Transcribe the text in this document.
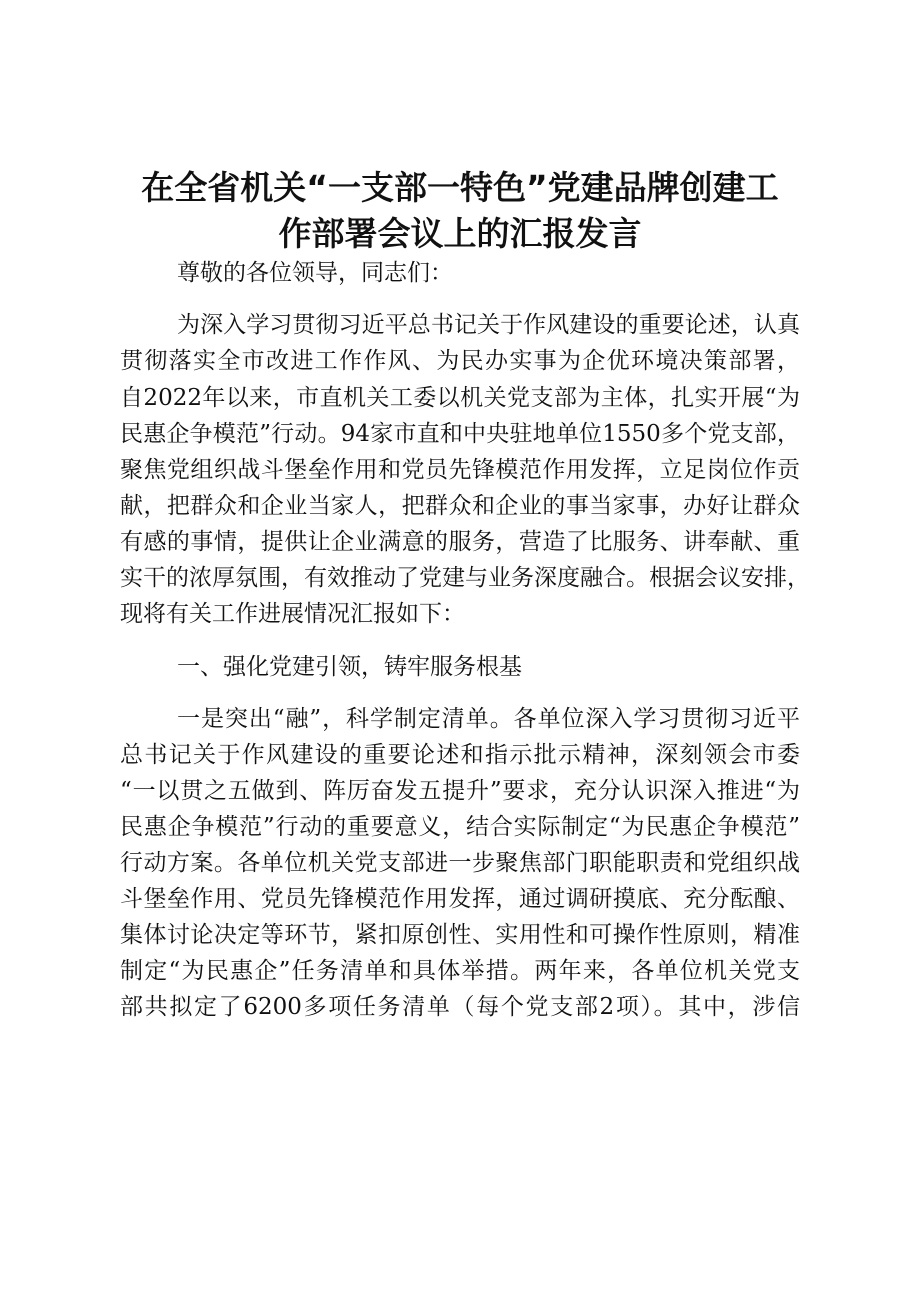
在全省机关“一支部一特色”党建品牌创建工
作部署会议上的汇报发言
尊敬的各位领导，同志们：
为深入学习贯彻习近平总书记关于作风建设的重要论述，认真
贯彻落实全市改进工作作风、为民办实事为企优环境决策部署，
自2022年以来，市直机关工委以机关党支部为主体，扎实开展“为
民惠企争模范”行动。94家市直和中央驻地单位1550多个党支部，
聚焦党组织战斗堡垒作用和党员先锋模范作用发挥，立足岗位作贡
献，把群众和企业当家人，把群众和企业的事当家事，办好让群众
有感的事情，提供让企业满意的服务，营造了比服务、讲奉献、重
实干的浓厚氛围，有效推动了党建与业务深度融合。根据会议安排，
现将有关工作进展情况汇报如下：
一、强化党建引领，铸牢服务根基
一是突出“融”，科学制定清单。各单位深入学习贯彻习近平
总书记关于作风建设的重要论述和指示批示精神，深刻领会市委
“一以贯之五做到、阵厉奋发五提升”要求，充分认识深入推进“为
民惠企争模范”行动的重要意义，结合实际制定“为民惠企争模范”
行动方案。各单位机关党支部进一步聚焦部门职能职责和党组织战
斗堡垒作用、党员先锋模范作用发挥，通过调研摸底、充分酝酿、
集体讨论决定等环节，紧扣原创性、实用性和可操作性原则，精准
制定“为民惠企”任务清单和具体举措。两年来，各单位机关党支
部共拟定了6200多项任务清单（每个党支部2项）。其中，涉信
